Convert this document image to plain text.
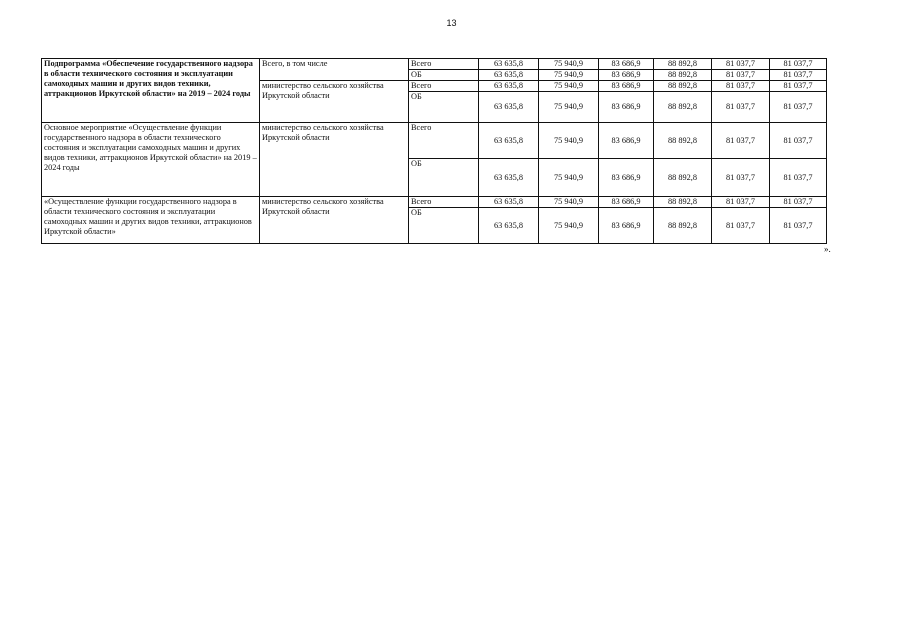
13
Подпрограмма «Обеспечение государственного надзора в области технического состояния и эксплуатации самоходных машин и других видов техники, аттракционов Иркутской области» на 2019 – 2024 годы	Всего, в том числе	Всего	63 635,8	75 940,9	83 686,9	88 892,8	81 037,7	81 037,7
		ОБ	63 635,8	75 940,9	83 686,9	88 892,8	81 037,7	81 037,7
	министерство сельского хозяйства Иркутской области	Всего	63 635,8	75 940,9	83 686,9	88 892,8	81 037,7	81 037,7
		ОБ	63 635,8	75 940,9	83 686,9	88 892,8	81 037,7	81 037,7
Основное мероприятие «Осуществление функции государственного надзора в области технического состояния и эксплуатации самоходных машин и других видов техники, аттракционов Иркутской области» на 2019 – 2024 годы	министерство сельского хозяйства Иркутской области	Всего	63 635,8	75 940,9	83 686,9	88 892,8	81 037,7	81 037,7
		ОБ	63 635,8	75 940,9	83 686,9	88 892,8	81 037,7	81 037,7
«Осуществление функции государственного надзора в области технического состояния и эксплуатации самоходных машин и других видов техники, аттракционов Иркутской области»	министерство сельского хозяйства Иркутской области	Всего	63 635,8	75 940,9	83 686,9	88 892,8	81 037,7	81 037,7
		ОБ	63 635,8	75 940,9	83 686,9	88 892,8	81 037,7	81 037,7
».
